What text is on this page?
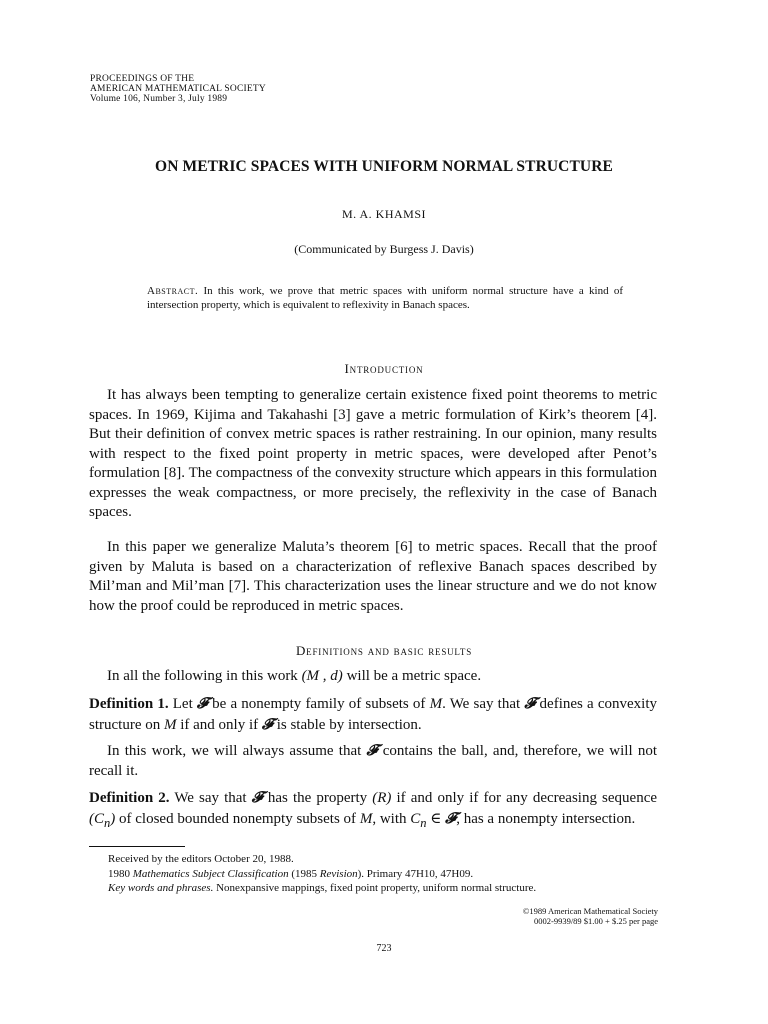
PROCEEDINGS OF THE
AMERICAN MATHEMATICAL SOCIETY
Volume 106, Number 3, July 1989
ON METRIC SPACES WITH UNIFORM NORMAL STRUCTURE
M. A. KHAMSI
(Communicated by Burgess J. Davis)
Abstract. In this work, we prove that metric spaces with uniform normal structure have a kind of intersection property, which is equivalent to reflexivity in Banach spaces.
Introduction
It has always been tempting to generalize certain existence fixed point theorems to metric spaces. In 1969, Kijima and Takahashi [3] gave a metric formulation of Kirk’s theorem [4]. But their definition of convex metric spaces is rather restraining. In our opinion, many results with respect to the fixed point property in metric spaces, were developed after Penot’s formulation [8]. The compactness of the convexity structure which appears in this formulation expresses the weak compactness, or more precisely, the reflexivity in the case of Banach spaces.
In this paper we generalize Maluta’s theorem [6] to metric spaces. Recall that the proof given by Maluta is based on a characterization of reflexive Banach spaces described by Mil’man and Mil’man [7]. This characterization uses the linear structure and we do not know how the proof could be reproduced in metric spaces.
Definitions and basic results
In all the following in this work (M , d) will be a metric space.
Definition 1. Let 𝓕 be a nonempty family of subsets of M. We say that 𝓕 defines a convexity structure on M if and only if 𝓕 is stable by intersection.
In this work, we will always assume that 𝓕 contains the ball, and, therefore, we will not recall it.
Definition 2. We say that 𝓕 has the property (R) if and only if for any decreasing sequence $(C_n)$ of closed bounded nonempty subsets of M, with $C_n$ ∈ 𝓕, has a nonempty intersection.
Received by the editors October 20, 1988.
1980 Mathematics Subject Classification (1985 Revision). Primary 47H10, 47H09.
Key words and phrases. Nonexpansive mappings, fixed point property, uniform normal structure.
©1989 American Mathematical Society
0002-9939/89 $1.00 + $.25 per page
723
